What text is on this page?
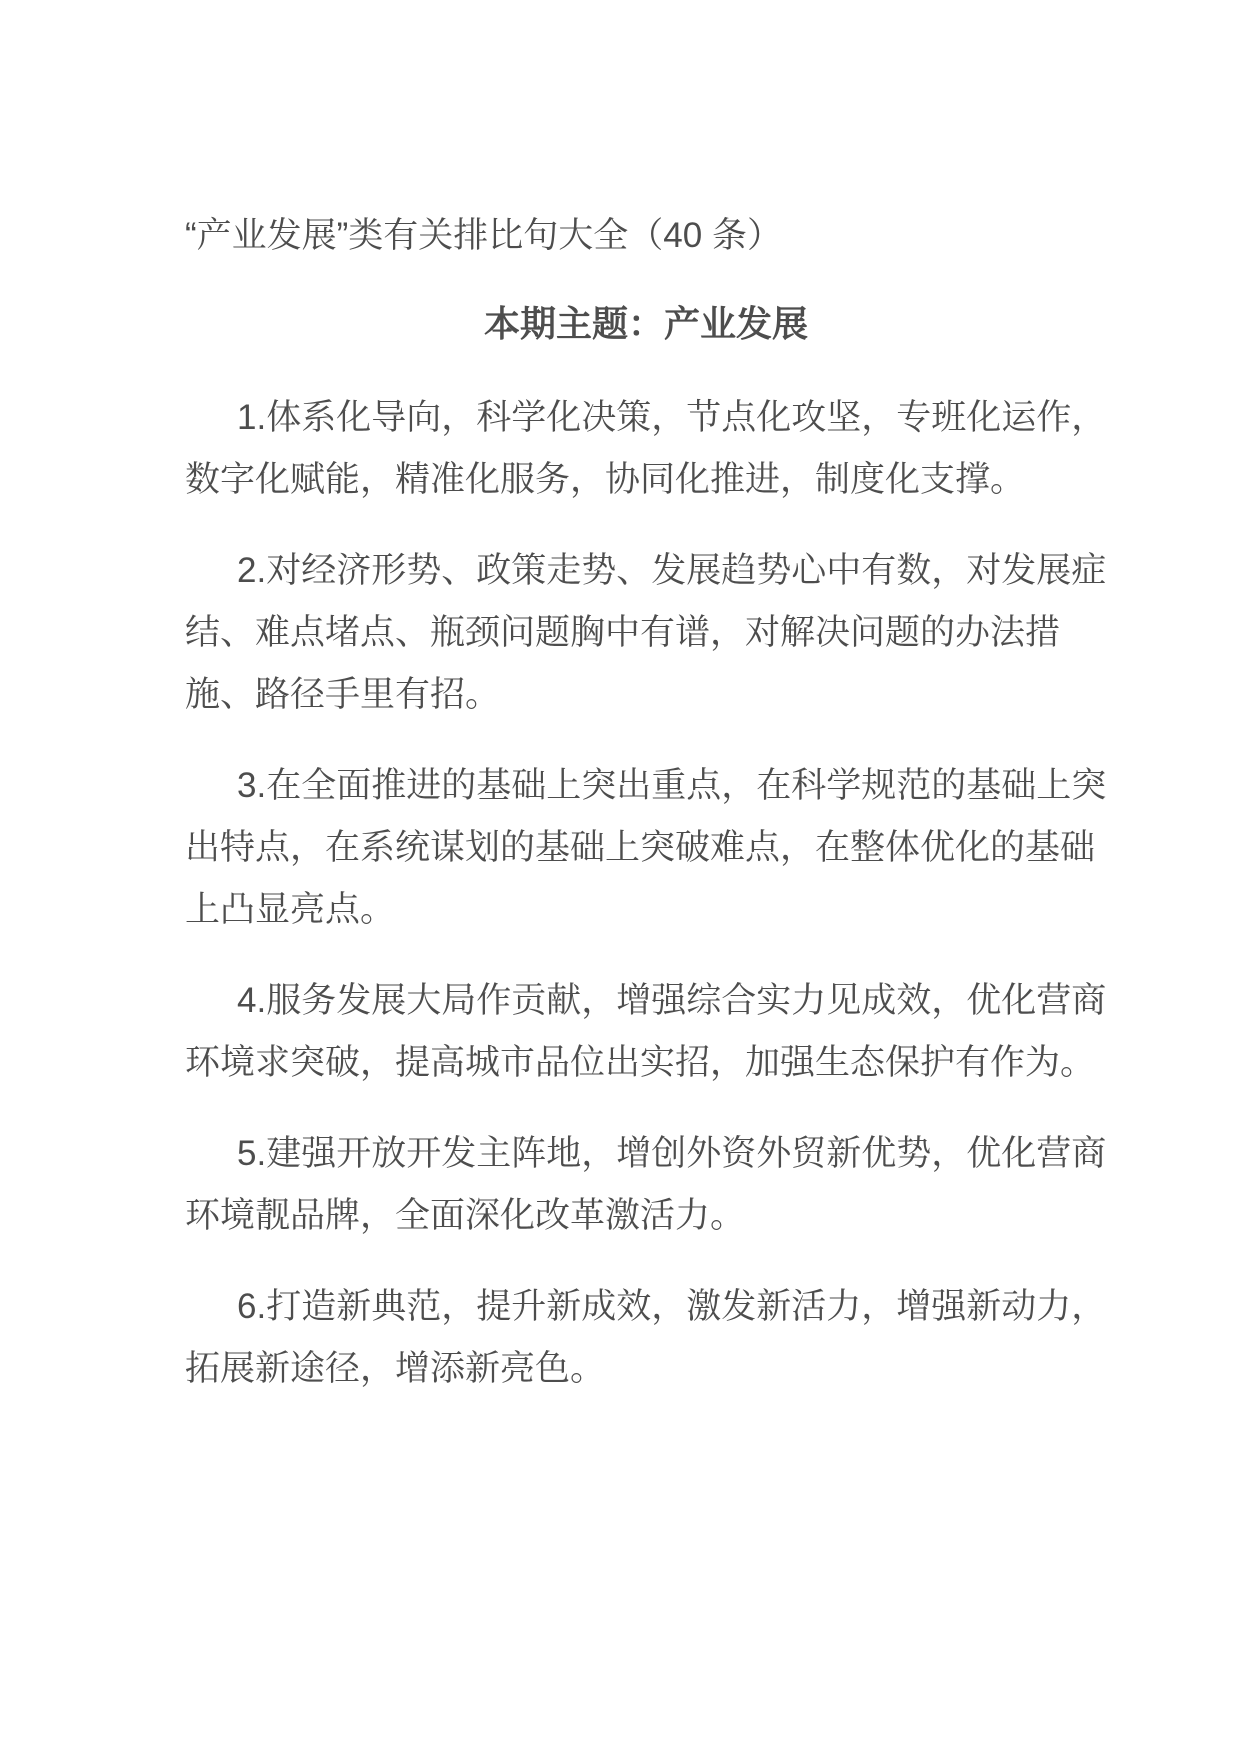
“产业发展”类有关排比句大全（40 条）
本期主题：产业发展

1.体系化导向，科学化决策，节点化攻坚，专班化运作，数字化赋能，精准化服务，协同化推进，制度化支撑。

2.对经济形势、政策走势、发展趋势心中有数，对发展症结、难点堵点、瓶颈问题胸中有谱，对解决问题的办法措施、路径手里有招。

3.在全面推进的基础上突出重点，在科学规范的基础上突出特点，在系统谋划的基础上突破难点，在整体优化的基础上凸显亮点。

4.服务发展大局作贡献，增强综合实力见成效，优化营商环境求突破，提高城市品位出实招，加强生态保护有作为。

5.建强开放开发主阵地，增创外资外贸新优势，优化营商环境靓品牌，全面深化改革激活力。

6.打造新典范，提升新成效，激发新活力，增强新动力，拓展新途径，增添新亮色。
